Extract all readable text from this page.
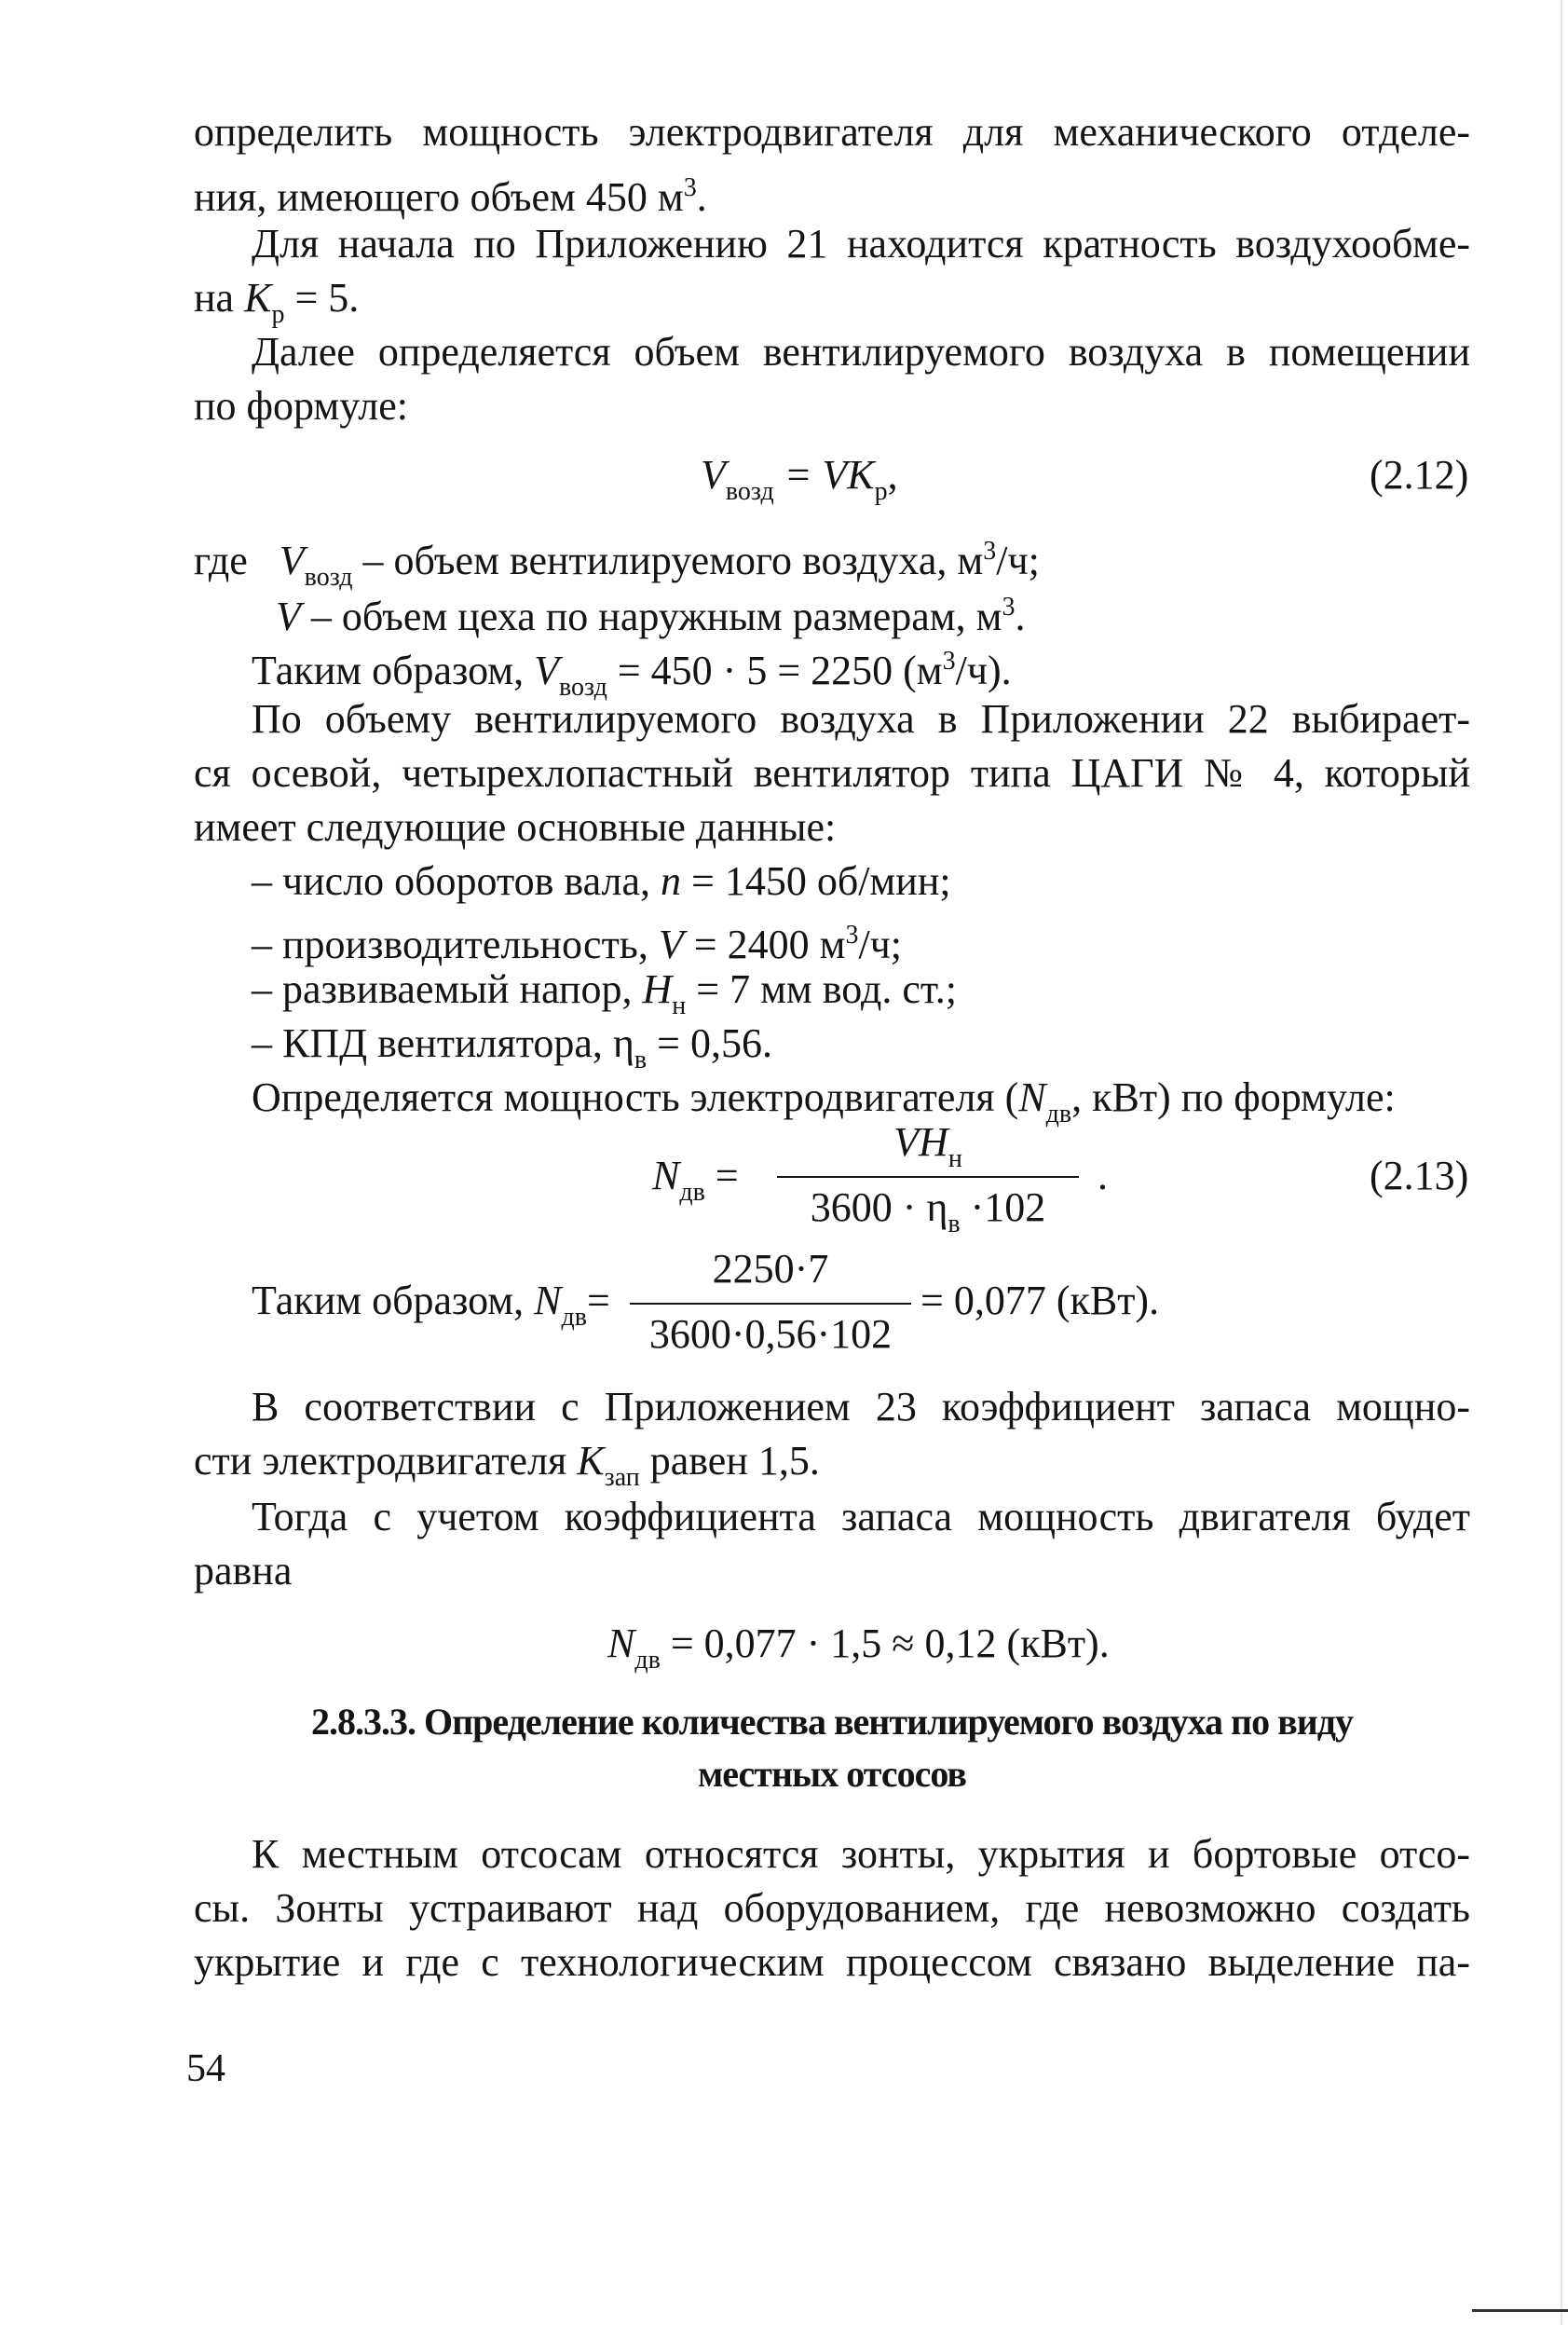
определить мощность электродвигателя для механического отделе-
ния, имеющего объем 450 $м^3$.
Для начала по Приложению 21 находится кратность воздухообме-
на $K_р = 5$.
Далее определяется объем вентилируемого воздуха в помещении
по формуле:
$V_{возд} = VK_р$,	(2.12)
где $V_{возд}$ – объем вентилируемого воздуха, $м^3/ч$;
V – объем цеха по наружным размерам, $м^3$.
Таким образом, $V_{возд} = 450 \cdot 5 = 2250$ $(м^3/ч)$.
По объему вентилируемого воздуха в Приложении 22 выбирает-
ся осевой, четырехлопастный вентилятор типа ЦАГИ № 4, который
имеет следующие основные данные:
– число оборотов вала, n = 1450 об/мин;
– производительность, V = 2400 $м^3/ч$;
– развиваемый напор, $H_н = 7$ мм вод. ст.;
– КПД вентилятора, $\eta_в = 0,56$.
Определяется мощность электродвигателя ($N_{дв}$, кВт) по формуле:
$N_{дв}$ =
$VH_н$
$3600 \cdot \eta_в \cdot 102$
.	(2.13)
Таким образом, $N_{дв}=$
2250·7
3600·0,56·102
= 0,077 (кВт).
В соответствии с Приложением 23 коэффициент запаса мощно-
сти электродвигателя $K_{зап}$ равен 1,5.
Тогда с учетом коэффициента запаса мощность двигателя будет
равна
$N_{дв} = 0,077 \cdot 1,5 \approx 0,12$ (кВт).
2.8.3.3. Определение количества вентилируемого воздуха по виду
местных отсосов
К местным отсосам относятся зонты, укрытия и бортовые отсо-
сы. Зонты устраивают над оборудованием, где невозможно создать
укрытие и где с технологическим процессом связано выделение па-
54
